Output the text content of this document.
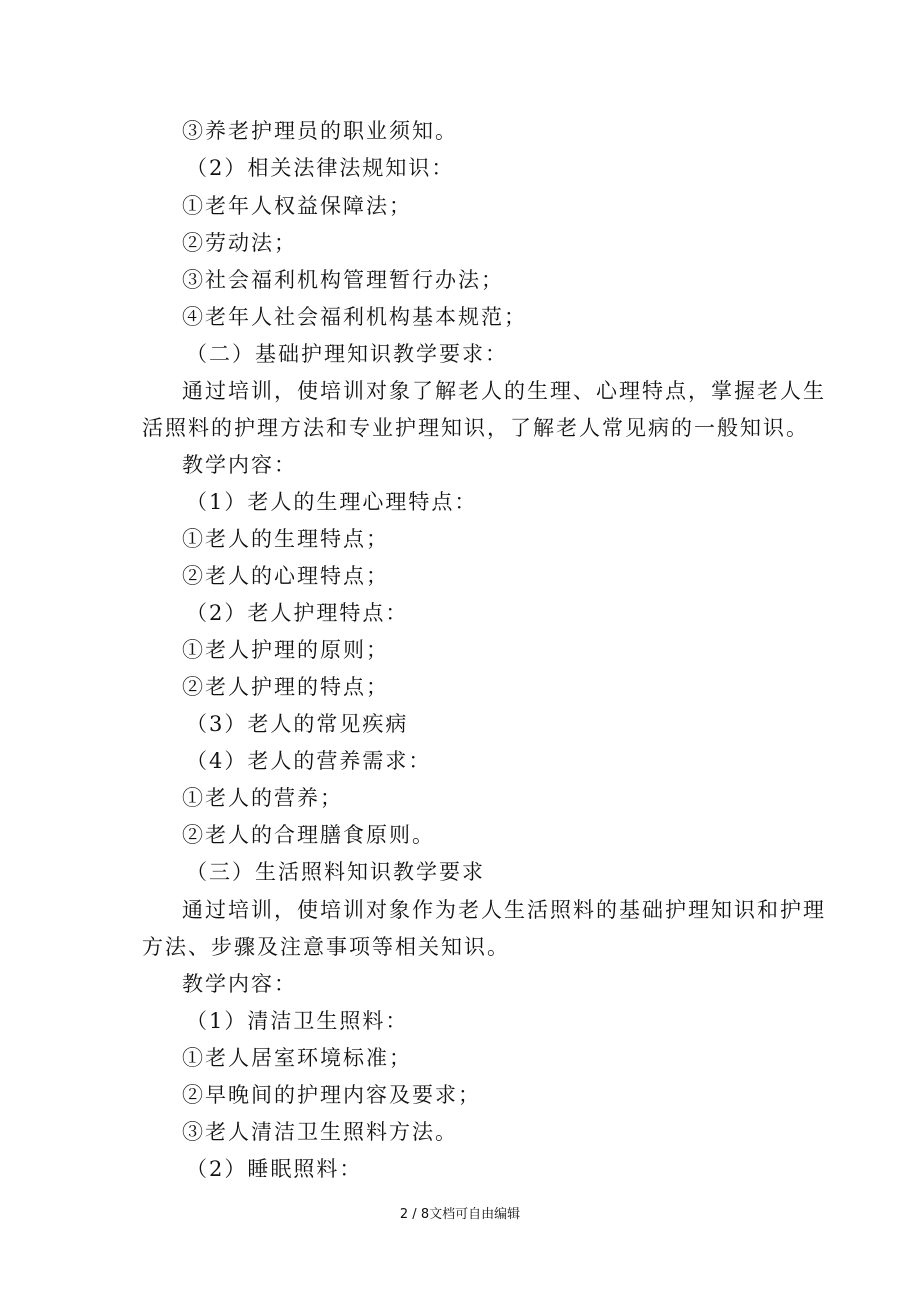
③养老护理员的职业须知。
（2）相关法律法规知识：
①老年人权益保障法；
②劳动法；
③社会福利机构管理暂行办法；
④老年人社会福利机构基本规范；
（二）基础护理知识教学要求：
通过培训，使培训对象了解老人的生理、心理特点，掌握老人生
活照料的护理方法和专业护理知识，了解老人常见病的一般知识。
教学内容：
（1）老人的生理心理特点：
①老人的生理特点；
②老人的心理特点；
（2）老人护理特点：
①老人护理的原则；
②老人护理的特点；
（3）老人的常见疾病
（4）老人的营养需求：
①老人的营养；
②老人的合理膳食原则。
（三）生活照料知识教学要求
通过培训，使培训对象作为老人生活照料的基础护理知识和护理
方法、步骤及注意事项等相关知识。
教学内容：
（1）清洁卫生照料：
①老人居室环境标准；
②早晚间的护理内容及要求；
③老人清洁卫生照料方法。
（2）睡眠照料：
2 / 8文档可自由编辑
